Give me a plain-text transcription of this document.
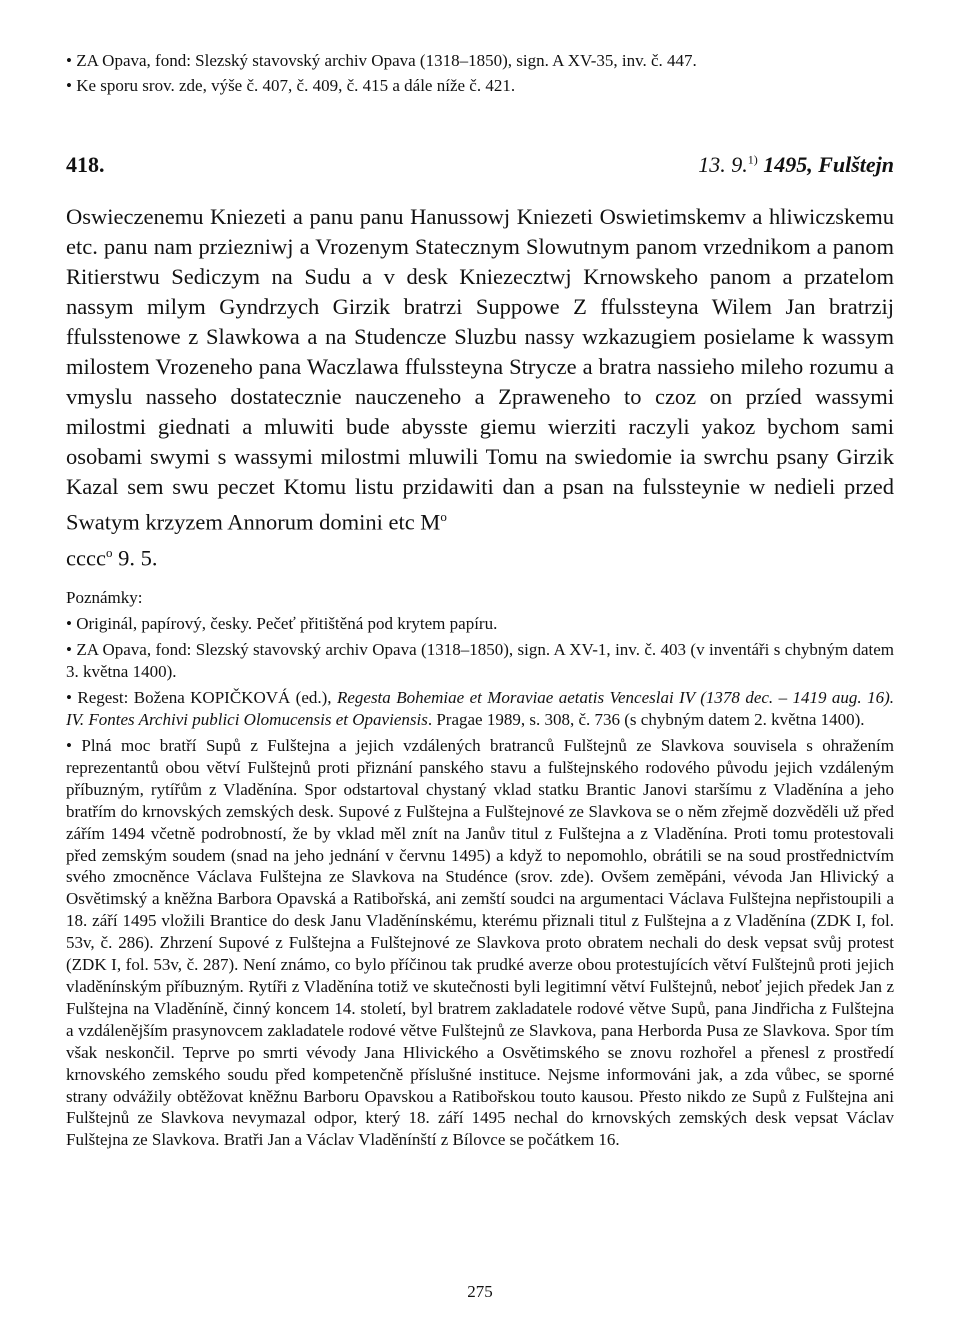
• ZA Opava, fond: Slezský stavovský archiv Opava (1318–1850), sign. A XV-35, inv. č. 447.

• Ke sporu srov. zde, výše č. 407, č. 409, č. 415 a dále níže č. 421.

418.	13. 9.$^{1)}$ 1495, Fulštejn

Oswieczenemu Kniezeti a panu panu Hanussowj Kniezeti Oswietimskemv a hliwiczskemu etc. panu nam prziezniwj a Vrozenym Statecznym Slowutnym panom vrzednikom a panom Ritierstwu Sediczym na Sudu a v desk Kniezecztwj Krnowskeho panom a przatelom nassym milym Gyndrzych Girzik bratrzi Suppowe Z ffulssteyna Wilem Jan bratrzij ffulsstenowe z Slawkowa a na Studencze Sluzbu nassy wzkazugiem posielame k wassym milostem Vrozeneho pana Waczlawa ffulssteyna Strycze a bratra nassieho mileho rozumu a vmyslu nasseho dostatecznie nauczeneho a Zpraweneho to czoz on przíed wassymi milostmi giednati a mluwiti bude abysste giemu wierziti raczyli yakoz bychom sami osobami swymi s wassymi milostmi mluwili Tomu na swiedomie ia swrchu psany Girzik Kazal sem swu peczet Ktomu listu przidawiti dan a psan na fulssteynie w nedieli przed Swatym krzyzem Annorum domini etc $M^o$
cccc$^o$ 9. 5.

Poznámky:

• Originál, papírový, česky. Pečeť přitištěná pod krytem papíru.

• ZA Opava, fond: Slezský stavovský archiv Opava (1318–1850), sign. A XV-1, inv. č. 403 (v inventáři s chybným datem 3. května 1400).

• Regest: Božena KOPIČKOVÁ (ed.), Regesta Bohemiae et Moraviae aetatis Venceslai IV (1378 dec. – 1419 aug. 16). IV. Fontes Archivi publici Olomucensis et Opaviensis. Pragae 1989, s. 308, č. 736 (s chybným datem 2. května 1400).

• Plná moc bratří Supů z Fulštejna a jejich vzdálených bratranců Fulštejnů ze Slavkova souvisela s ohražením reprezentantů obou větví Fulštejnů proti přiznání panského stavu a fulštejnského rodového původu jejich vzdáleným příbuzným, rytířům z Vladěnína. Spor odstartoval chystaný vklad statku Brantic Janovi staršímu z Vladěnína a jeho bratřím do krnovských zemských desk. Supové z Fulštejna a Fulštejnové ze Slavkova se o něm zřejmě dozvěděli už před zářím 1494 včetně podrobností, že by vklad měl znít na Janův titul z Fulštejna a z Vladěnína. Proti tomu protestovali před zemským soudem (snad na jeho jednání v červnu 1495) a když to nepomohlo, obrátili se na soud prostřednictvím svého zmocněnce Václava Fulštejna ze Slavkova na Studénce (srov. zde). Ovšem zeměpáni, vévoda Jan Hlivický a Osvětimský a kněžna Barbora Opavská a Ratibořská, ani zemští soudci na argumentaci Václava Fulštejna nepřistoupili a 18. září 1495 vložili Brantice do desk Janu Vladěnínskému, kterému přiznali titul z Fulštejna a z Vladěnína (ZDK I, fol. 53v, č. 286). Zhrzení Supové z Fulštejna a Fulštejnové ze Slavkova proto obratem nechali do desk vepsat svůj protest (ZDK I, fol. 53v, č. 287). Není známo, co bylo příčinou tak prudké averze obou protestujících větví Fulštejnů proti jejich vladěnínským příbuzným. Rytíři z Vladěnína totiž ve skutečnosti byli legitimní větví Fulštejnů, neboť jejich předek Jan z Fulštejna na Vladěníně, činný koncem 14. století, byl bratrem zakladatele rodové větve Supů, pana Jindřicha z Fulštejna a vzdálenějším prasynovcem zakladatele rodové větve Fulštejnů ze Slavkova, pana Herborda Pusa ze Slavkova. Spor tím však neskončil. Teprve po smrti vévody Jana Hlivického a Osvětimského se znovu rozhořel a přenesl z prostředí krnovského zemského soudu před kompetenčně příslušné instituce. Nejsme informováni jak, a zda vůbec, se sporné strany odvážily obtěžovat kněžnu Barboru Opavskou a Ratibořskou touto kausou. Přesto nikdo ze Supů z Fulštejna ani Fulštejnů ze Slavkova nevymazal odpor, který 18. září 1495 nechal do krnovských zemských desk vepsat Václav Fulštejna ze Slavkova. Bratři Jan a Václav Vladěnínští z Bílovce se počátkem 16.

275
